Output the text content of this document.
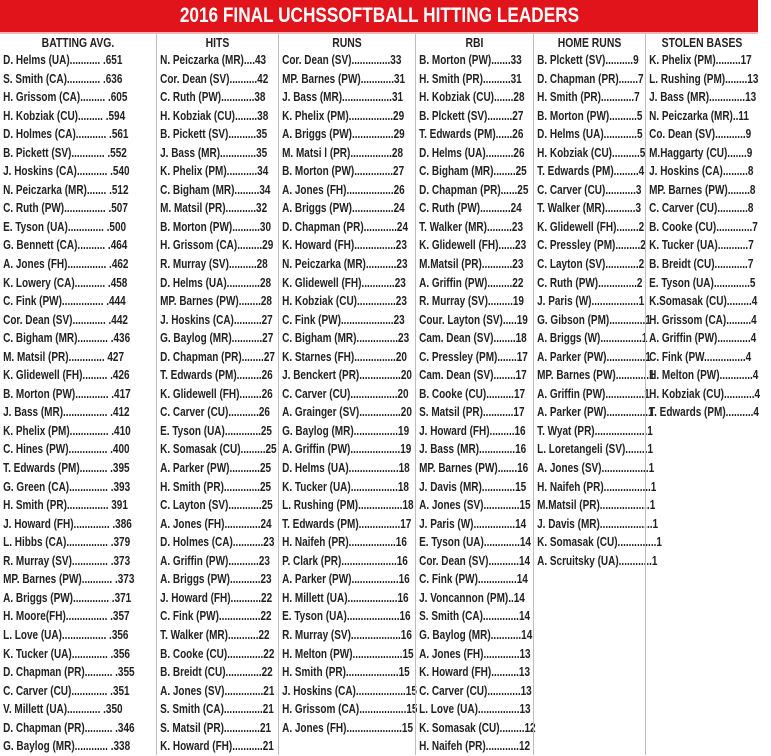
2016 FINAL UCHSSOFTBALL HITTING LEADERS
BATTING AVG.
D. Helms (UA)........... .651
S. Smith (CA)............ .636
H. Grissom (CA)......... .605
H. Kobziak (CU)......... .594
D. Holmes (CA)........... .561
B. Pickett (SV)............ .552
J. Hoskins (CA)........... .540
N. Peiczarka (MR)....... .512
C. Ruth (PW)............... .507
E. Tyson (UA)............. .500
G. Bennett (CA).......... .464
A. Jones (FH).............. .462
K. Lowery (CA)........... .458
C. Fink (PW)............... .444
Cor. Dean (SV)............ .442
C. Bigham (MR)........... .436
M. Matsil (PR)............. 427
K. Glidewell (FH)......... .426
B. Morton (PW)............ .417
J. Bass (MR)................ .412
K. Phelix (PM).............. .410
C. Hines (PW).............. .400
T. Edwards (PM).......... .395
G. Green (CA).............. .393
H. Smith (PR)............... 391
J. Howard (FH)............. .386
L. Hibbs (CA)............... .379
R. Murray (SV)............. .373
MP. Barnes (PW)........... .373
A. Briggs (PW)............. .371
H. Moore(FH)............... .357
L. Love (UA)................ .356
K. Tucker (UA)............. .356
D. Chapman (PR).......... .355
C. Carver (CU)............. .351
V. Millett (UA)............ .350
D. Chapman (PR).......... .346
G. Baylog (MR)............ .338
HITS
N. Peiczarka (MR)....43
Cor. Dean (SV)..........42
C. Ruth (PW)............38
H. Kobziak (CU)........38
B. Pickett (SV)..........35
J. Bass (MR).............35
K. Phelix (PM)...........34
C. Bigham (MR).........34
M. Matsil (PR)...........32
B. Morton (PW)..........30
H. Grissom (CA).........29
R. Murray (SV)..........28
D. Helms (UA)............28
MP. Barnes (PW)........28
J. Hoskins (CA)..........27
G. Baylog (MR)...........27
D. Chapman (PR)........27
T. Edwards (PM).........26
K. Glidewell (FH)........26
C. Carver (CU)...........26
E. Tyson (UA).............25
K. Somasak (CU).........25
A. Parker (PW)...........25
H. Smith (PR).............25
C. Layton (SV)............25
A. Jones (FH).............24
D. Holmes (CA)...........23
A. Griffin (PW)...........23
A. Briggs (PW)...........23
J. Howard (FH)...........22
C. Fink (PW)...............22
T. Walker (MR)...........22
B. Cooke (CU).............22
B. Breidt (CU).............22
A. Jones (SV)..............21
S. Smith (CA)..............21
S. Matsil (PR).............21
K. Howard (FH)...........21
RUNS
Cor. Dean (SV)..............33
MP. Barnes (PW)............31
J. Bass (MR)..................31
K. Phelix (PM)................29
A. Briggs (PW)...............29
M. Matsi l (PR)...............28
B. Morton (PW)..............27
A. Jones (FH).................26
A. Briggs (PW)...............24
D. Chapman (PR)............24
K. Howard (FH)...............23
N. Peiczarka (MR)...........23
K. Glidewell (FH)............23
H. Kobziak (CU)..............23
C. Fink (PW)...................23
C. Bigham (MR)...............23
K. Starnes (FH)...............20
J. Benckert (PR)...............20
C. Carver (CU).................20
A. Grainger (SV)...............20
G. Baylog (MR)................19
A. Griffin (PW)..................19
D. Helms (UA)..................18
K. Tucker (UA).................18
L. Rushing (PM)................18
T. Edwards (PM)...............17
H. Naifeh (PR).................16
P. Clark (PR)....................16
A. Parker (PW).................16
H. Millett (UA)..................16
E. Tyson (UA)...................16
R. Murray (SV)..................16
H. Melton (PW)..................15
H. Smith (PR)...................15
J. Hoskins (CA)..................15
H. Grissom (CA).................15
A. Jones (FH)....................15
RBI
B. Morton (PW).......33
H. Smith (PR)..........31
H. Kobziak (CU).......28
B. Plckett (SV).........27
T. Edwards (PM)......26
D. Helms (UA)..........26
C. Bigham (MR)........25
D. Chapman (PR)......25
C. Ruth (PW)...........24
T. Walker (MR).........23
K. Glidewell (FH)......23
M.Matsil (PR)...........23
A. Griffin (PW).........22
R. Murray (SV).........19
Cour. Layton (SV).....19
Cam. Dean (SV)........18
C. Pressley (PM).......17
Cam. Dean (SV)........17
B. Cooke (CU)..........17
S. Matsil (PR)...........17
J. Howard (FH).........16
J. Bass (MR).............16
MP. Barnes (PW).......16
J. Davis (MR)............15
A. Jones (SV).............15
J. Paris (W)...............14
E. Tyson (UA).............14
Cor. Dean (SV)...........14
C. Fink (PW)..............14
J. Voncannon (PM)..14
S. Smith (CA).............14
G. Baylog (MR)...........14
A. Jones (FH).............13
K. Howard (FH)..........13
C. Carver (CU)............13
L. Love (UA)...............13
K. Somasak (CU).........12
H. Naifeh (PR)............12
HOME RUNS
B. Plckett (SV)..........9
D. Chapman (PR).......7
H. Smith (PR)............7
B. Morton (PW)..........5
D. Helms (UA)............5
H. Kobziak (CU)..........5
T. Edwards (PM).........4
C. Carver (CU)...........3
T. Walker (MR)...........3
K. Glidewell (FH)........2
C. Pressley (PM).........2
C. Layton (SV)............2
C. Ruth (PW)..............2
J. Paris (W).................1
G. Gibson (PM).............1
A. Briggs (W)...............1
A. Parker (PW)..............1
MP. Barnes (PW)............1
A. Griffin (PW)..............1
A. Parker (PW)...............1
T. Wyat (PR)...................1
L. Loretangeli (SV)........1
A. Jones (SV).................1
H. Naifeh (PR).................1
M.Matsil (PR)..................1
J. Davis (MR)...................1
K. Somasak (CU)..............1
A. Scruitsky (UA)............1
STOLEN BASES
K. Phelix (PM).........17
L. Rushing (PM)........13
J. Bass (MR).............13
N. Peiczarka (MR)..11
Co. Dean (SV)...........9
M.Haggarty (CU).......9
J. Hoskins (CA).........8
MP. Barnes (PW)........8
C. Carver (CU)...........8
B. Cooke (CU).............7
K. Tucker (UA)...........7
B. Breidt (CU)............7
E. Tyson (UA).............5
K.Somasak (CU).........4
H. Grissom (CA).........4
A. Griffin (PW)............4
C. Fink (PW...............4
H. Melton (PW)............4
H. Kobziak (CU)...........4
T. Edwards (PM)..........4
